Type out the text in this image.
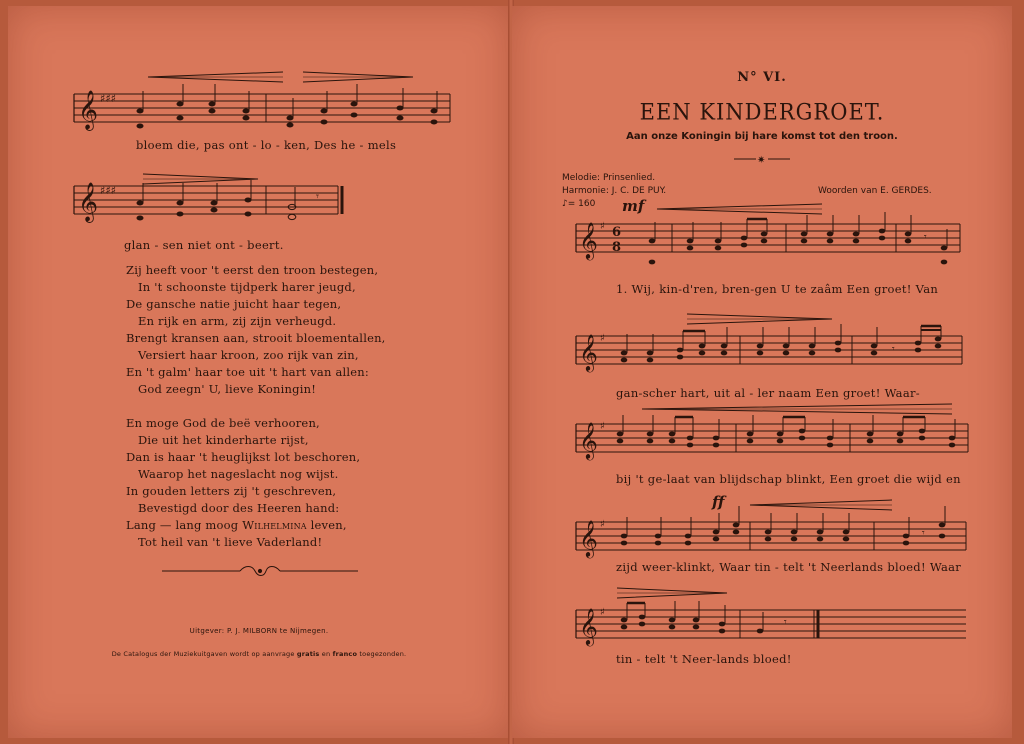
𝄞 ♯♯♯
bloem die, pas ont - lo - ken, Des he - mels
𝄞 ♯♯♯	𝄾
glan - sen niet ont - beert.
Zij heeft voor 't eerst den troon bestegen,
In 't schoonste tijdperk harer jeugd,
De gansche natie juicht haar tegen,
En rijk en arm, zij zijn verheugd.
Brengt kransen aan, strooit bloementallen,
Versiert haar kroon, zoo rijk van zin,
En 't galm' haar toe uit 't hart van allen:
God zeegn' U, lieve Koningin!
En moge God de beë verhooren,
Die uit het kinderharte rijst,
Dan is haar 't heuglijkst lot beschoren,
Waarop het nageslacht nog wijst.
In gouden letters zij 't geschreven,
Bevestigd door des Heeren hand:
Lang — lang moog Wilhelmina leven,
Tot heil van 't lieve Vaderland!
Uitgever: P. J. MILBORN te Nijmegen.
De Catalogus der Muziekuitgaven wordt op aanvrage gratis en franco toegezonden.
N° VI.
EEN KINDERGROET.
Aan onze Koningin bij hare komst tot den troon.
✷
Melodie: Prinsenlied.
Harmonie: J. C. DE PUY.	Woorden van E. GERDES.
♪= 160 mf
𝄞 ♯ 6
8
𝄾
1. Wij, kin-d'ren, bren-gen U te zaâm Een groet! Van
𝄞 ♯
𝄾
gan-scher hart, uit al - ler naam Een groet! Waar-
𝄞 ♯
bij 't ge-laat van blijdschap blinkt, Een groet die wijd en
ff
𝄞 ♯
𝄾
zijd weer-klinkt, Waar tin - telt 't Neerlands bloed! Waar
𝄞 ♯
𝄾
tin - telt 't Neer-lands bloed!
